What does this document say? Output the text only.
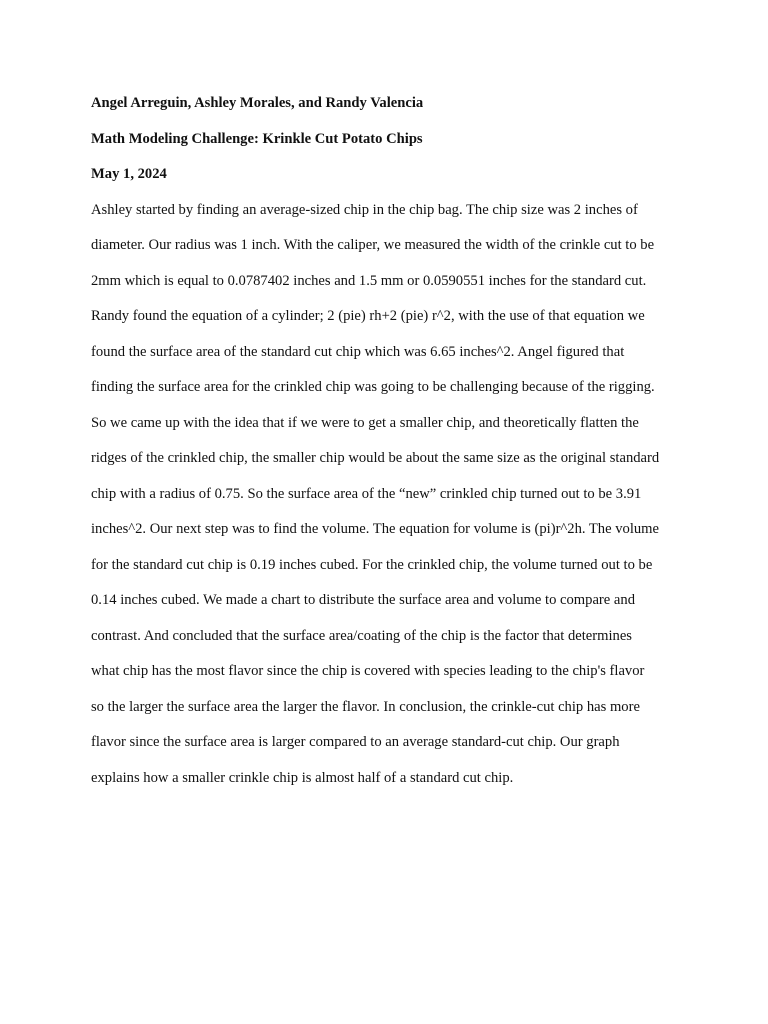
Angel Arreguin, Ashley Morales, and Randy Valencia
Math Modeling Challenge: Krinkle Cut Potato Chips
May 1, 2024
Ashley started by finding an average-sized chip in the chip bag. The chip size was 2 inches of
diameter. Our radius was 1 inch. With the caliper, we measured the width of the crinkle cut to be
2mm which is equal to 0.0787402 inches and 1.5 mm or 0.0590551 inches for the standard cut.
Randy found the equation of a cylinder; 2 (pie) rh+2 (pie) r^2, with the use of that equation we
found the surface area of the standard cut chip which was 6.65 inches^2. Angel figured that
finding the surface area for the crinkled chip was going to be challenging because of the rigging.
So we came up with the idea that if we were to get a smaller chip, and theoretically flatten the
ridges of the crinkled chip, the smaller chip would be about the same size as the original standard
chip with a radius of 0.75. So the surface area of the “new” crinkled chip turned out to be 3.91
inches^2. Our next step was to find the volume. The equation for volume is (pi)r^2h. The volume
for the standard cut chip is 0.19 inches cubed. For the crinkled chip, the volume turned out to be
0.14 inches cubed. We made a chart to distribute the surface area and volume to compare and
contrast. And concluded that the surface area/coating of the chip is the factor that determines
what chip has the most flavor since the chip is covered with species leading to the chip's flavor
so the larger the surface area the larger the flavor. In conclusion, the crinkle-cut chip has more
flavor since the surface area is larger compared to an average standard-cut chip. Our graph
explains how a smaller crinkle chip is almost half of a standard cut chip.
